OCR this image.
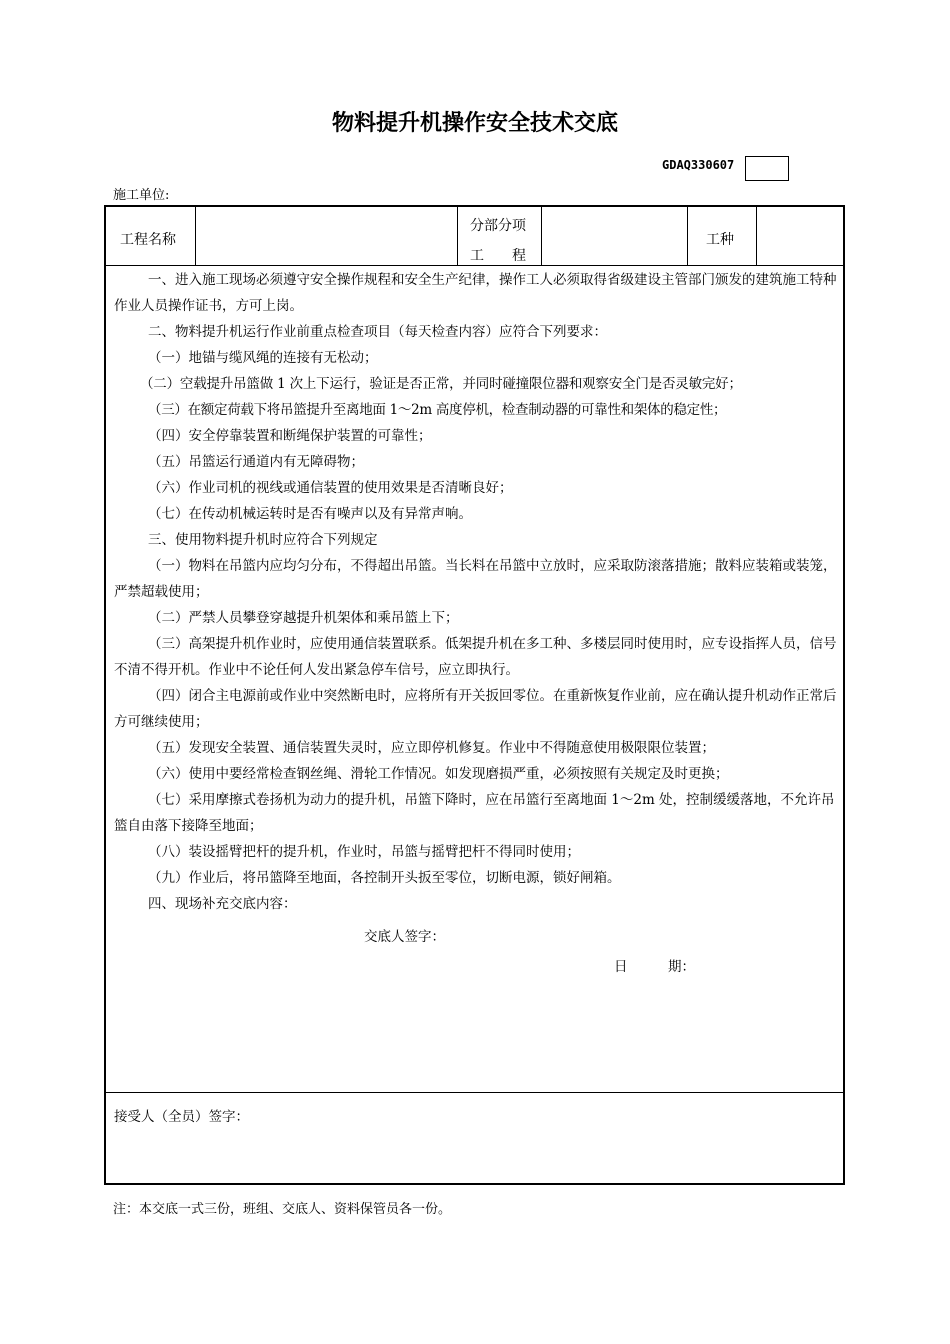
物料提升机操作安全技术交底
GDAQ330607
施工单位:
工程名称
分部分项
工　　程
工种

一、进入施工现场必须遵守安全操作规程和安全生产纪律，操作工人必须取得省级建设主管部门颁发的建筑施工特种作业人员操作证书，方可上岗。

二、物料提升机运行作业前重点检查项目（每天检查内容）应符合下列要求：

（一）地锚与缆风绳的连接有无松动；

（二）空载提升吊篮做 1 次上下运行，验证是否正常，并同时碰撞限位器和观察安全门是否灵敏完好；

（三）在额定荷载下将吊篮提升至离地面 1～2m 高度停机，检查制动器的可靠性和架体的稳定性；

（四）安全停靠装置和断绳保护装置的可靠性；

（五）吊篮运行通道内有无障碍物；

（六）作业司机的视线或通信装置的使用效果是否清晰良好；

（七）在传动机械运转时是否有噪声以及有异常声响。

三、使用物料提升机时应符合下列规定

（一）物料在吊篮内应均匀分布，不得超出吊篮。当长料在吊篮中立放时，应采取防滚落措施；散料应装箱或装笼，严禁超载使用；

（二）严禁人员攀登穿越提升机架体和乘吊篮上下；

（三）高架提升机作业时，应使用通信装置联系。低架提升机在多工种、多楼层同时使用时，应专设指挥人员，信号不清不得开机。作业中不论任何人发出紧急停车信号，应立即执行。

（四）闭合主电源前或作业中突然断电时，应将所有开关扳回零位。在重新恢复作业前，应在确认提升机动作正常后方可继续使用；

（五）发现安全装置、通信装置失灵时，应立即停机修复。作业中不得随意使用极限限位装置；

（六）使用中要经常检查钢丝绳、滑轮工作情况。如发现磨损严重，必须按照有关规定及时更换；

（七）采用摩擦式卷扬机为动力的提升机，吊篮下降时，应在吊篮行至离地面 1～2m 处，控制缓缓落地，不允许吊篮自由落下接降至地面；

（八）装设摇臂把杆的提升机，作业时，吊篮与摇臂把杆不得同时使用；

（九）作业后，将吊篮降至地面，各控制开头扳至零位，切断电源，锁好闸箱。

四、现场补充交底内容：

交底人签字：
日　　　期：
接受人（全员）签字：
注：本交底一式三份，班组、交底人、资料保管员各一份。
